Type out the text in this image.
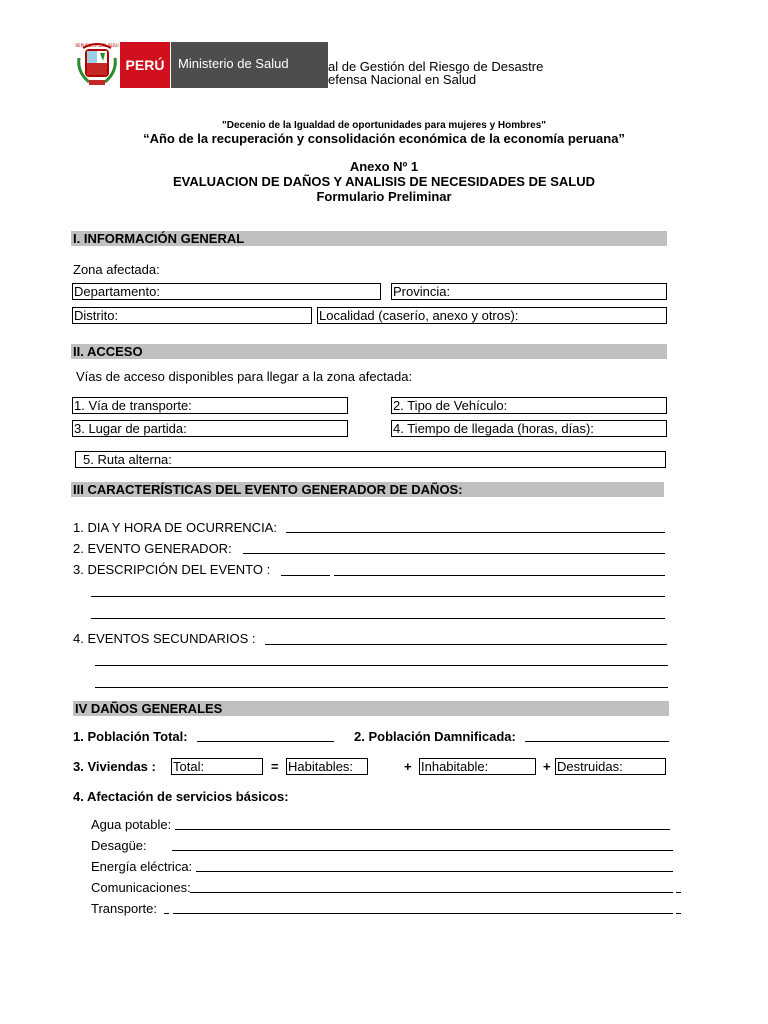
REPUBLICA DEL PERU
PERÚ	Ministerio de Salud	al de Gestión del Riesgo de Desastre
efensa Nacional en Salud
"Decenio de la Igualdad de oportunidades para mujeres y Hombres"
“Año de la recuperación y consolidación económica de la economía peruana”
Anexo Nº 1
EVALUACION DE DAÑOS Y ANALISIS DE NECESIDADES DE SALUD
Formulario Preliminar
I. INFORMACIÓN GENERAL
Zona afectada:
Departamento:	Provincia:
Distrito:	Localidad (caserío, anexo y otros):
II. ACCESO
Vías de acceso disponibles para llegar a la zona afectada:
1. Vía de transporte:	2. Tipo de Vehículo:
3. Lugar de partida:	4. Tiempo de llegada (horas, días):
5. Ruta alterna:
III CARACTERÍSTICAS DEL EVENTO GENERADOR DE DAÑOS:
1. DIA Y HORA DE OCURRENCIA:
2. EVENTO GENERADOR:
3. DESCRIPCIÓN DEL EVENTO :
4. EVENTOS SECUNDARIOS :
IV DAÑOS GENERALES
1. Población Total:	2. Población Damnificada:
3. Viviendas : Total:	= Habitables:	+ Inhabitable:	+ Destruidas:
4. Afectación de servicios básicos:
Agua potable:
Desagüe:
Energía eléctrica:
Comunicaciones:
Transporte:
